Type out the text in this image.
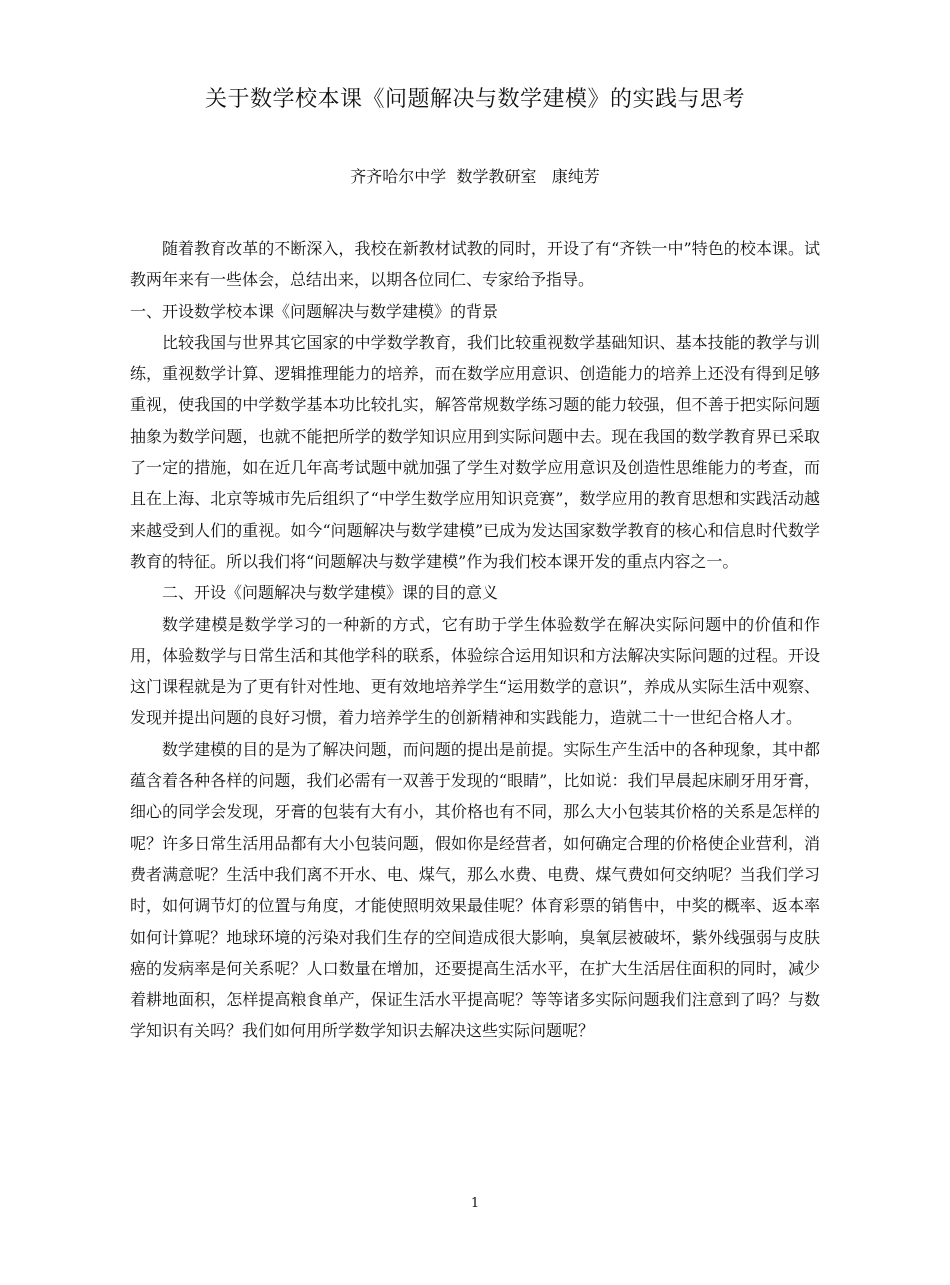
关于数学校本课《问题解决与数学建模》的实践与思考
齐齐哈尔中学  数学教研室   康纯芳

随着教育改革的不断深入，我校在新教材试教的同时，开设了有“齐铁一中”特色的校本课。试教两年来有一些体会，总结出来，以期各位同仁、专家给予指导。

一、开设数学校本课《问题解决与数学建模》的背景

比较我国与世界其它国家的中学数学教育，我们比较重视数学基础知识、基本技能的教学与训练，重视数学计算、逻辑推理能力的培养，而在数学应用意识、创造能力的培养上还没有得到足够重视，使我国的中学数学基本功比较扎实，解答常规数学练习题的能力较强，但不善于把实际问题抽象为数学问题，也就不能把所学的数学知识应用到实际问题中去。现在我国的数学教育界已采取了一定的措施，如在近几年高考试题中就加强了学生对数学应用意识及创造性思维能力的考查，而且在上海、北京等城市先后组织了“中学生数学应用知识竞赛”，数学应用的教育思想和实践活动越来越受到人们的重视。如今“问题解决与数学建模”已成为发达国家数学教育的核心和信息时代数学教育的特征。所以我们将“问题解决与数学建模”作为我们校本课开发的重点内容之一。

二、开设《问题解决与数学建模》课的目的意义

数学建模是数学学习的一种新的方式，它有助于学生体验数学在解决实际问题中的价值和作用，体验数学与日常生活和其他学科的联系，体验综合运用知识和方法解决实际问题的过程。开设这门课程就是为了更有针对性地、更有效地培养学生“运用数学的意识”，养成从实际生活中观察、发现并提出问题的良好习惯，着力培养学生的创新精神和实践能力，造就二十一世纪合格人才。

数学建模的目的是为了解决问题，而问题的提出是前提。实际生产生活中的各种现象，其中都蕴含着各种各样的问题，我们必需有一双善于发现的“眼睛”，比如说：我们早晨起床刷牙用牙膏，细心的同学会发现，牙膏的包装有大有小，其价格也有不同，那么大小包装其价格的关系是怎样的呢？许多日常生活用品都有大小包装问题，假如你是经营者，如何确定合理的价格使企业营利，消费者满意呢？生活中我们离不开水、电、煤气，那么水费、电费、煤气费如何交纳呢？当我们学习时，如何调节灯的位置与角度，才能使照明效果最佳呢？体育彩票的销售中，中奖的概率、返本率如何计算呢？地球环境的污染对我们生存的空间造成很大影响，臭氧层被破坏，紫外线强弱与皮肤癌的发病率是何关系呢？人口数量在增加，还要提高生活水平，在扩大生活居住面积的同时，减少着耕地面积，怎样提高粮食单产，保证生活水平提高呢？等等诸多实际问题我们注意到了吗？与数学知识有关吗？我们如何用所学数学知识去解决这些实际问题呢？

1
